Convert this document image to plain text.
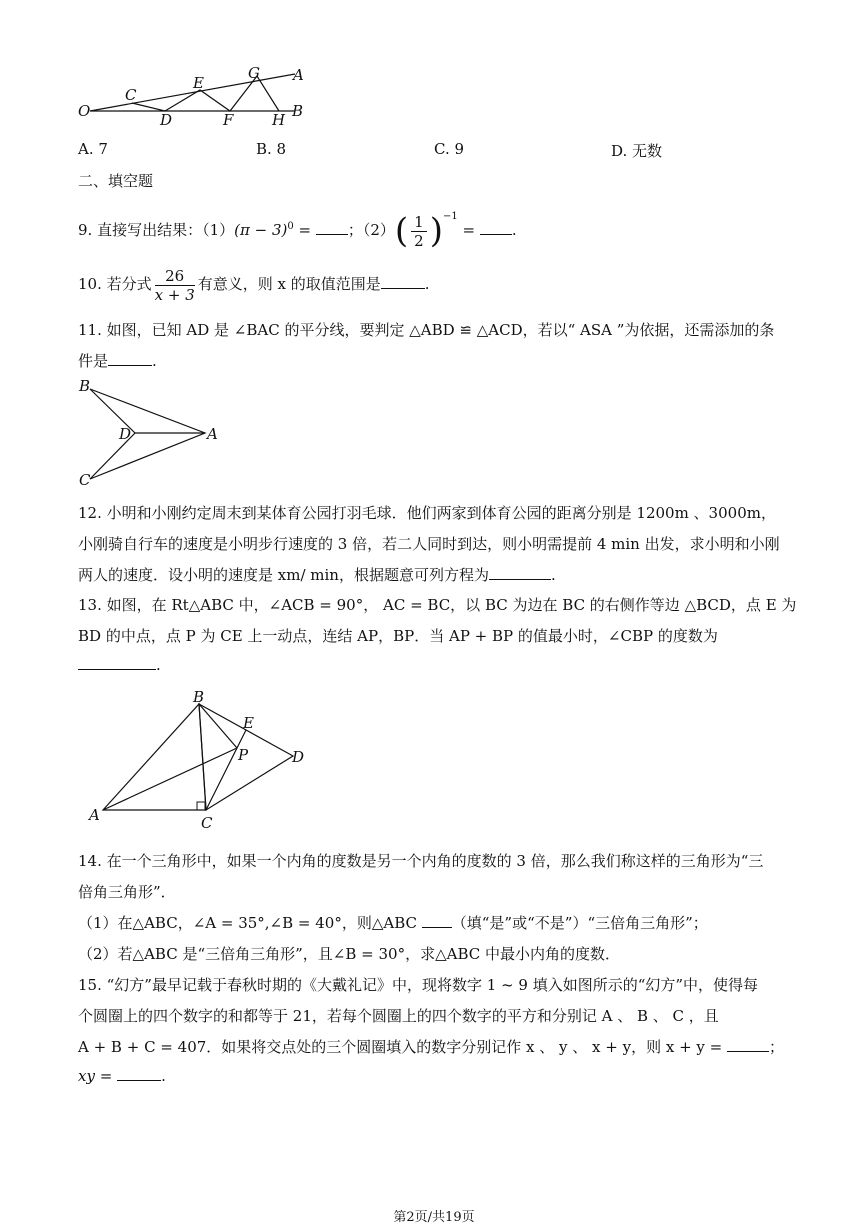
O
C
D
E
F
G A
H B
A. 7	B. 8	C. 9	D. 无数
二、填空题
9. 直接写出结果：$(1)(\pi - 3)^0$ = ；$(2)( \frac{1}{2} )^{-1}$ = .
10. 若分式 $\frac{26}{x + 3}$ 有意义，则 x 的取值范围是	.
11. 如图，已知 AD 是 ∠BAC 的平分线，要判定 △ABD ≌ △ACD，若以“ ASA ”为依据，还需添加的条
件是	.
B
D	A
C
12. 小明和小刚约定周末到某体育公园打羽毛球．他们两家到体育公园的距离分别是 1200m 、3000m，
小刚骑自行车的速度是小明步行速度的 3 倍，若二人同时到达，则小明需提前 4 min 出发，求小明和小刚
两人的速度．设小明的速度是 xm/ min，根据题意可列方程为	.
13. 如图，在 Rt△ABC 中，∠ACB = 90°， AC = BC，以 BC 为边在 BC 的右侧作等边 △BCD，点 E 为
BD 的中点，点 P 为 CE 上一动点，连结 AP，BP．当 AP + BP 的值最小时，∠CBP 的度数为
.
B
E
P	D
A	C
14. 在一个三角形中，如果一个内角的度数是另一个内角的度数的 3 倍，那么我们称这样的三角形为“三
倍角三角形”．
（1）在△ABC，∠A = 35°,∠B = 40°，则△ABC （填“是”或“不是”）“三倍角三角形”；
（2）若△ABC 是“三倍角三角形”，且∠B = 30°，求△ABC 中最小内角的度数．
15. “幻方”最早记载于春秋时期的《大戴礼记》中，现将数字 1 ~ 9 填入如图所示的“幻方”中，使得每
个圆圈上的四个数字的和都等于 21，若每个圆圈上的四个数字的平方和分别记 A 、 B 、 C ，且
A + B + C = 407．如果将交点处的三个圆圈填入的数字分别记作 x 、 y 、 x + y，则 x + y =	；
xy =	.
第2页/共19页
